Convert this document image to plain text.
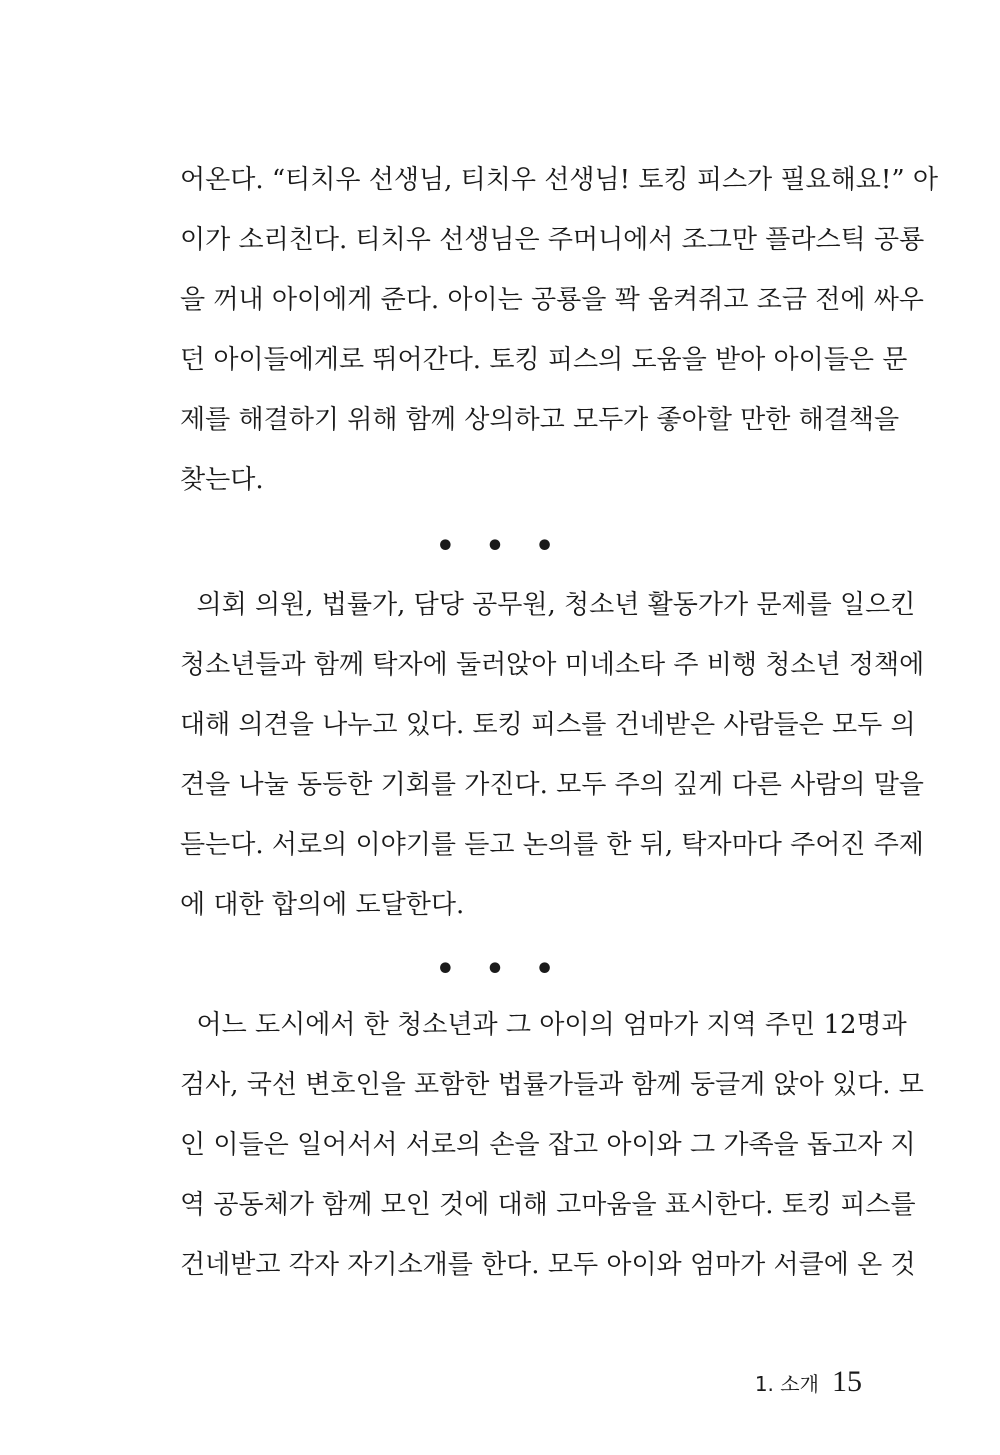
어온다. “티치우 선생님, 티치우 선생님! 토킹 피스가 필요해요!” 아
이가 소리친다. 티치우 선생님은 주머니에서 조그만 플라스틱 공룡
을 꺼내 아이에게 준다. 아이는 공룡을 꽉 움켜쥐고 조금 전에 싸우
던 아이들에게로 뛰어간다. 토킹 피스의 도움을 받아 아이들은 문
제를 해결하기 위해 함께 상의하고 모두가 좋아할 만한 해결책을
찾는다.
• • •
의회 의원, 법률가, 담당 공무원, 청소년 활동가가 문제를 일으킨
청소년들과 함께 탁자에 둘러앉아 미네소타 주 비행 청소년 정책에
대해 의견을 나누고 있다. 토킹 피스를 건네받은 사람들은 모두 의
견을 나눌 동등한 기회를 가진다. 모두 주의 깊게 다른 사람의 말을
듣는다. 서로의 이야기를 듣고 논의를 한 뒤, 탁자마다 주어진 주제
에 대한 합의에 도달한다.
• • •
어느 도시에서 한 청소년과 그 아이의 엄마가 지역 주민 12명과
검사, 국선 변호인을 포함한 법률가들과 함께 둥글게 앉아 있다. 모
인 이들은 일어서서 서로의 손을 잡고 아이와 그 가족을 돕고자 지
역 공동체가 함께 모인 것에 대해 고마움을 표시한다. 토킹 피스를
건네받고 각자 자기소개를 한다. 모두 아이와 엄마가 서클에 온 것
1. 소개 15
